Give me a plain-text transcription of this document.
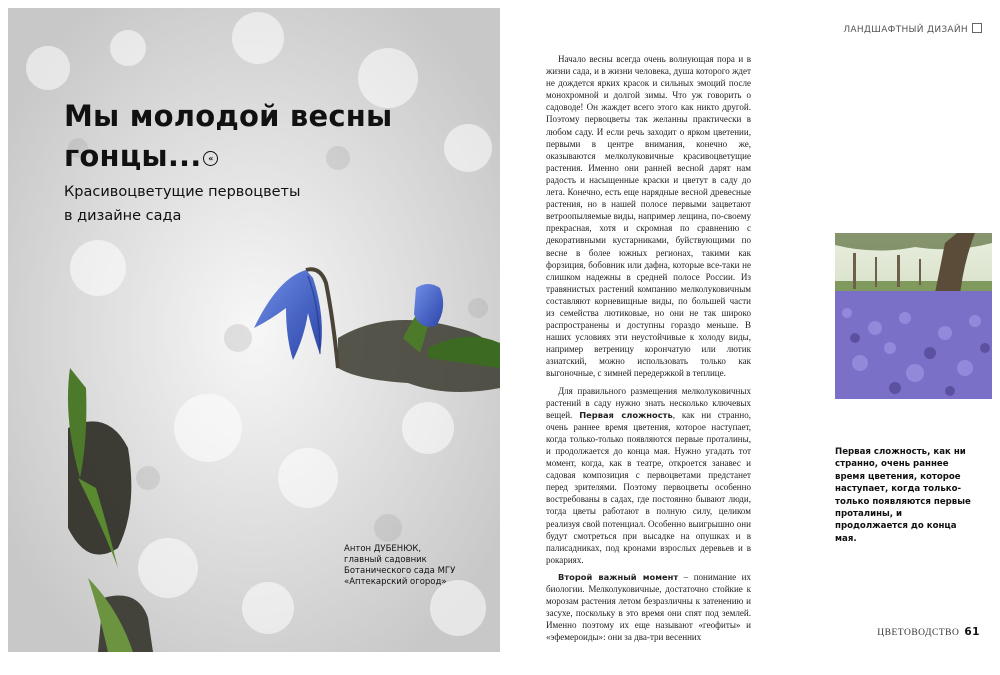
Мы молодой весны
гонцы... «

Красивоцветущие первоцветы
в дизайне сада

Антон ДУБЕНЮК,
главный садовник
Ботанического сада МГУ
«Аптекарский огород»
ЛАНДШАФТНЫЙ ДИЗАЙН

Начало весны всегда очень волнующая пора и в жизни сада, и в жизни человека, душа которого ждет не дождется ярких красок и сильных эмоций после монохромной и долгой зимы. Что уж говорить о садоводе! Он жаждет всего этого как никто другой. Поэтому первоцветы так желанны практически в любом саду. И если речь заходит о ярком цветении, первыми в центре внимания, конечно же, оказываются мелколуковичные красивоцветущие растения. Именно они ранней весной дарят нам радость и насыщенные краски и цветут в саду до лета. Конечно, есть еще нарядные весной древесные растения, но в нашей полосе первыми зацветают ветроопыляемые виды, например лещина, по-своему прекрасная, хотя и скромная по сравнению с декоративными кустарниками, буйствующими по весне в более южных регионах, такими как форзиция, бобовник или дафна, которые все-таки не слишком надежны в средней полосе России. Из травянистых растений компанию мелколуковичным составляют корневищные виды, по большей части из семейства лютиковые, но они не так широко распространены и доступны гораздо меньше. В наших условиях эти неустойчивые к холоду виды, например ветреницу корончатую или лютик азиатский, можно использовать только как выгоночные, с зимней передержкой в теплице.

Для правильного размещения мелколуковичных растений в саду нужно знать несколько ключевых вещей. Первая сложность, как ни странно, очень раннее время цветения, которое наступает, когда только-только появляются первые проталины, и продолжается до конца мая. Нужно угадать тот момент, когда, как в театре, откроется занавес и садовая композиция с первоцветами предстанет перед зрителями. Поэтому первоцветы особенно востребованы в садах, где постоянно бывают люди, тогда цветы работают в полную силу, целиком реализуя свой потенциал. Особенно выигрышно они будут смотреться при высадке на опушках и в палисадниках, под кронами взрослых деревьев и в рокариях.

Второй важный момент – понимание их биологии. Мелколуковичные, достаточно стойкие к морозам растения летом безразличны к затенению и засухе, поскольку в это время они спят под землей. Именно поэтому их еще называют «геофиты» и «эфемероиды»: они за два-три весенних

Первая сложность, как ни странно, очень раннее время цветения, которое наступает, когда только-только появляются первые проталины, и продолжается до конца мая.

ЦВЕТОВОДСТВО 61
